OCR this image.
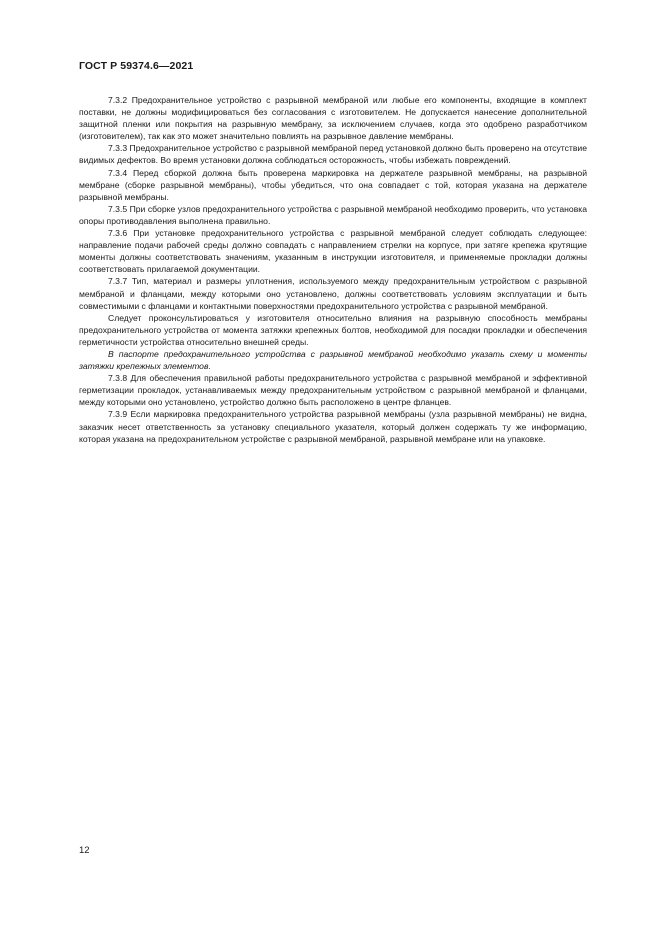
ГОСТ Р 59374.6—2021

7.3.2 Предохранительное устройство с разрывной мембраной или любые его компоненты, входящие в комплект поставки, не должны модифицироваться без согласования с изготовителем. Не допускается нанесение дополнительной защитной пленки или покрытия на разрывную мембрану, за исключением случаев, когда это одобрено разработчиком (изготовителем), так как это может значительно повлиять на разрывное давление мембраны.

7.3.3 Предохранительное устройство с разрывной мембраной перед установкой должно быть проверено на отсутствие видимых дефектов. Во время установки должна соблюдаться осторожность, чтобы избежать повреждений.

7.3.4 Перед сборкой должна быть проверена маркировка на держателе разрывной мембраны, на разрывной мембране (сборке разрывной мембраны), чтобы убедиться, что она совпадает с той, которая указана на держателе разрывной мембраны.

7.3.5 При сборке узлов предохранительного устройства с разрывной мембраной необходимо проверить, что установка опоры противодавления выполнена правильно.

7.3.6 При установке предохранительного устройства с разрывной мембраной следует соблюдать следующее: направление подачи рабочей среды должно совпадать с направлением стрелки на корпусе, при затяге крепежа крутящие моменты должны соответствовать значениям, указанным в инструкции изготовителя, и применяемые прокладки должны соответствовать прилагаемой документации.

7.3.7 Тип, материал и размеры уплотнения, используемого между предохранительным устройством с разрывной мембраной и фланцами, между которыми оно установлено, должны соответствовать условиям эксплуатации и быть совместимыми с фланцами и контактными поверхностями предохранительного устройства с разрывной мембраной.

Следует проконсультироваться у изготовителя относительно влияния на разрывную способность мембраны предохранительного устройства от момента затяжки крепежных болтов, необходимой для посадки прокладки и обеспечения герметичности устройства относительно внешней среды.

В паспорте предохранительного устройства с разрывной мембраной необходимо указать схему и моменты затяжки крепежных элементов.

7.3.8 Для обеспечения правильной работы предохранительного устройства с разрывной мембраной и эффективной герметизации прокладок, устанавливаемых между предохранительным устройством с разрывной мембраной и фланцами, между которыми оно установлено, устройство должно быть расположено в центре фланцев.

7.3.9 Если маркировка предохранительного устройства разрывной мембраны (узла разрывной мембраны) не видна, заказчик несет ответственность за установку специального указателя, который должен содержать ту же информацию, которая указана на предохранительном устройстве с разрывной мембраной, разрывной мембране или на упаковке.

12
